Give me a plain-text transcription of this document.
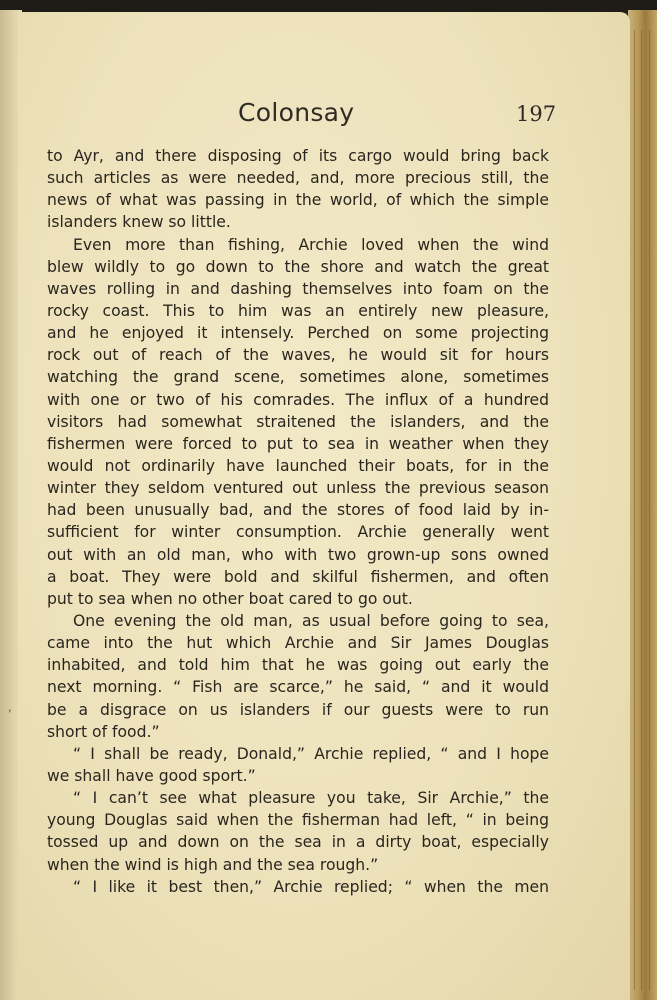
Colonsay	197
to Ayr, and there disposing of its cargo would bring back
such articles as were needed, and, more precious still, the
news of what was passing in the world, of which the simple
islanders knew so little.
Even more than fishing, Archie loved when the wind
blew wildly to go down to the shore and watch the great
waves rolling in and dashing themselves into foam on the
rocky coast. This to him was an entirely new pleasure,
and he enjoyed it intensely. Perched on some projecting
rock out of reach of the waves, he would sit for hours
watching the grand scene, sometimes alone, sometimes
with one or two of his comrades. The influx of a hundred
visitors had somewhat straitened the islanders, and the
fishermen were forced to put to sea in weather when they
would not ordinarily have launched their boats, for in the
winter they seldom ventured out unless the previous season
had been unusually bad, and the stores of food laid by in-
sufficient for winter consumption. Archie generally went
out with an old man, who with two grown-up sons owned
a boat. They were bold and skilful fishermen, and often
put to sea when no other boat cared to go out.
One evening the old man, as usual before going to sea,
came into the hut which Archie and Sir James Douglas
inhabited, and told him that he was going out early the
next morning. “ Fish are scarce,” he said, “ and it would
be a disgrace on us islanders if our guests were to run
short of food.”
“ I shall be ready, Donald,” Archie replied, “ and I hope
we shall have good sport.”
“ I can’t see what pleasure you take, Sir Archie,” the
young Douglas said when the fisherman had left, “ in being
tossed up and down on the sea in a dirty boat, especially
when the wind is high and the sea rough.”
“ I like it best then,” Archie replied; “ when the men
,
